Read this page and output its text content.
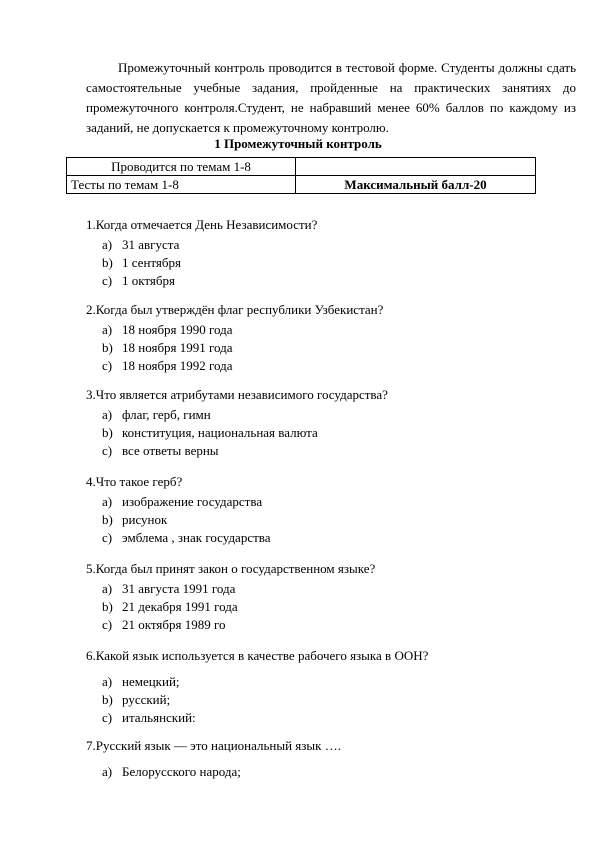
Промежуточный контроль проводится в тестовой форме. Студенты должны сдать самостоятельные учебные задания, пройденные на практических занятиях до промежуточного контроля.Студент, не набравший менее 60% баллов по каждому из заданий, не допускается к промежуточному контролю.

1 Промежуточный контроль

Проводится по темам 1-8	
Тесты по темам 1-8	Максимальный балл-20

1.Когда отмечается День Независимости?

a) 31 августа
b) 1 сентября
c) 1 октября

2.Когда был утверждён флаг республики Узбекистан?

a) 18 ноября 1990 года
b) 18 ноября 1991 года
c) 18 ноября 1992 года

3.Что является атрибутами независимого государства?

a) флаг, герб, гимн
b) конституция, национальная валюта
c) все ответы верны

4.Что такое герб?

a) изображение государства
b) рисунок
c) эмблема , знак государства

5.Когда был принят закон о государственном языке?

a) 31 августа 1991 года
b) 21 декабря 1991 года
c) 21 октября 1989 го

6.Какой язык используется в качестве рабочего языка в ООН?

a) немецкий;
b) русский;
c) итальянский:

7.Русский язык — это национальный язык ….

a) Белорусского народа;
